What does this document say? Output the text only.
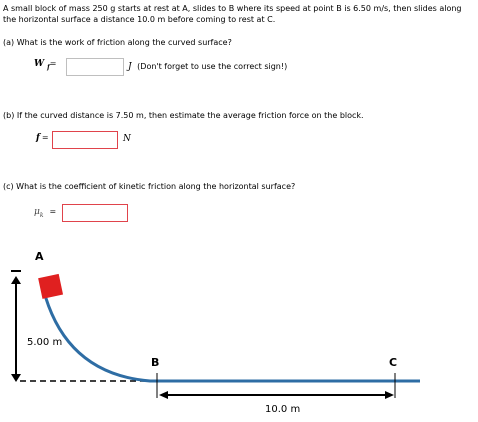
A small block of mass 250 g starts at rest at A, slides to B where its speed at point B is 6.50 m/s, then slides along the horizontal surface a distance 10.0 m before coming to rest at C.
(a) What is the work of friction along the curved surface?
W $_f$=	J (Don't forget to use the correct sign!)
(b) If the curved distance is 7.50 m, then estimate the average friction force on the block.
f =	N
(c) What is the coefficient of kinetic friction along the horizontal surface?
$\mu_k$ =
A
B	C
5.00 m
10.0 m
